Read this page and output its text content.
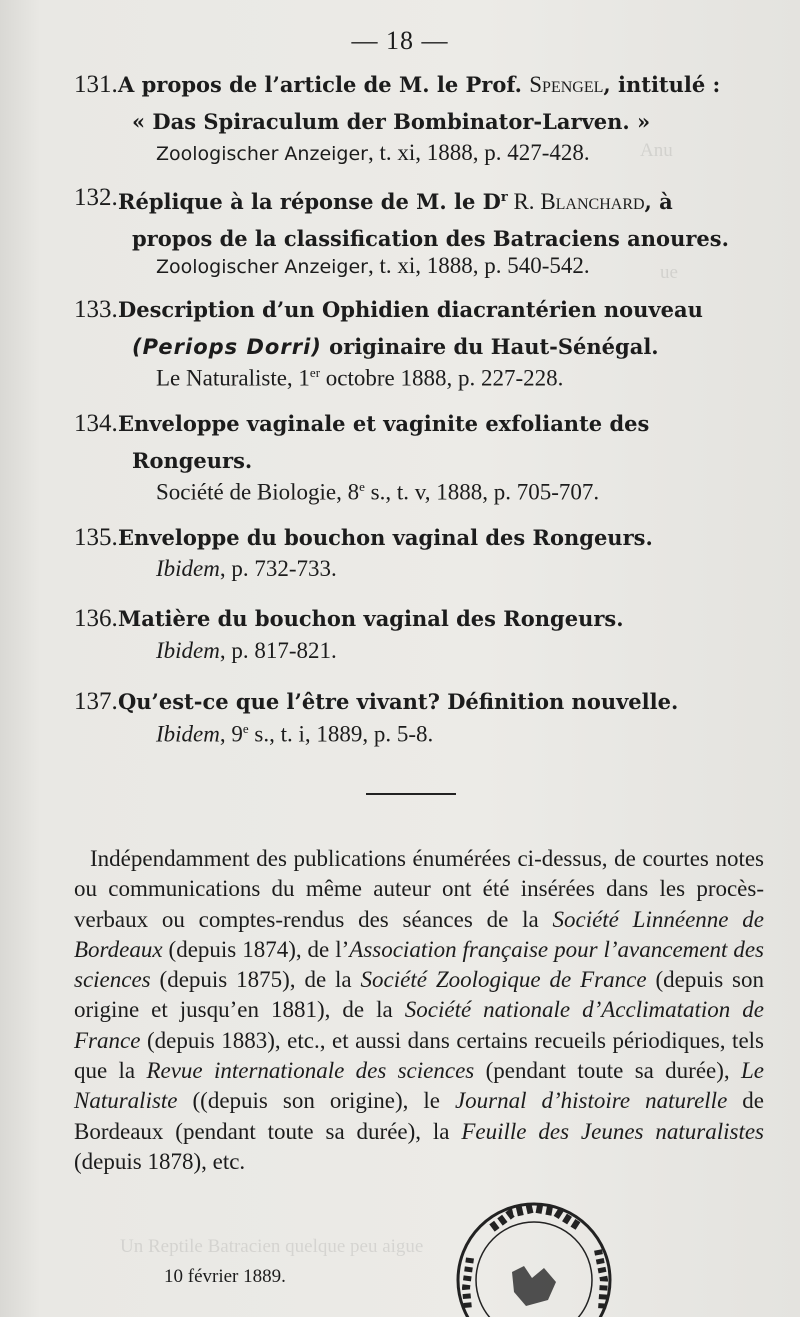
Anu
ue
Un Reptile Batracien quelque peu aigue
— 18 —
131. A propos de l’article de M. le Prof. Spengel, intitulé :
« Das Spiraculum der Bombinator-Larven. »
Zoologischer Anzeiger, t. xi, 1888, p. 427-428.
132. Réplique à la réponse de M. le $D^r$ R. Blanchard, à
propos de la classification des Batraciens anoures.
Zoologischer Anzeiger, t. xi, 1888, p. 540-542.
133. Description d’un Ophidien diacrantérien nouveau
(Periops Dorri) originaire du Haut-Sénégal.
Le Naturaliste, 1er octobre 1888, p. 227-228.
134. Enveloppe vaginale et vaginite exfoliante des
Rongeurs.
Société de Biologie, 8e s., t. v, 1888, p. 705-707.
135. Enveloppe du bouchon vaginal des Rongeurs.
Ibidem, p. 732-733.
136. Matière du bouchon vaginal des Rongeurs.
Ibidem, p. 817-821.
137. Qu’est-ce que l’être vivant? Définition nouvelle.
Ibidem, 9e s., t. i, 1889, p. 5-8.
Indépendamment des publications énumérées ci-dessus, de courtes notes ou communications du même auteur ont été insérées dans les procès-verbaux ou comptes-rendus des séances de la Société Linnéenne de Bordeaux (depuis 1874), de l’Association française pour l’avancement des sciences (depuis 1875), de la Société Zoologique de France (depuis son origine et jusqu’en 1881), de la Société nationale d’Acclimatation de France (depuis 1883), etc., et aussi dans certains recueils périodiques, tels que la Revue internationale des sciences (pendant toute sa durée), Le Naturaliste ((depuis son origine), le Journal d’histoire naturelle de Bordeaux (pendant toute sa durée), la Feuille des Jeunes naturalistes (depuis 1878), etc.
10 février 1889.
